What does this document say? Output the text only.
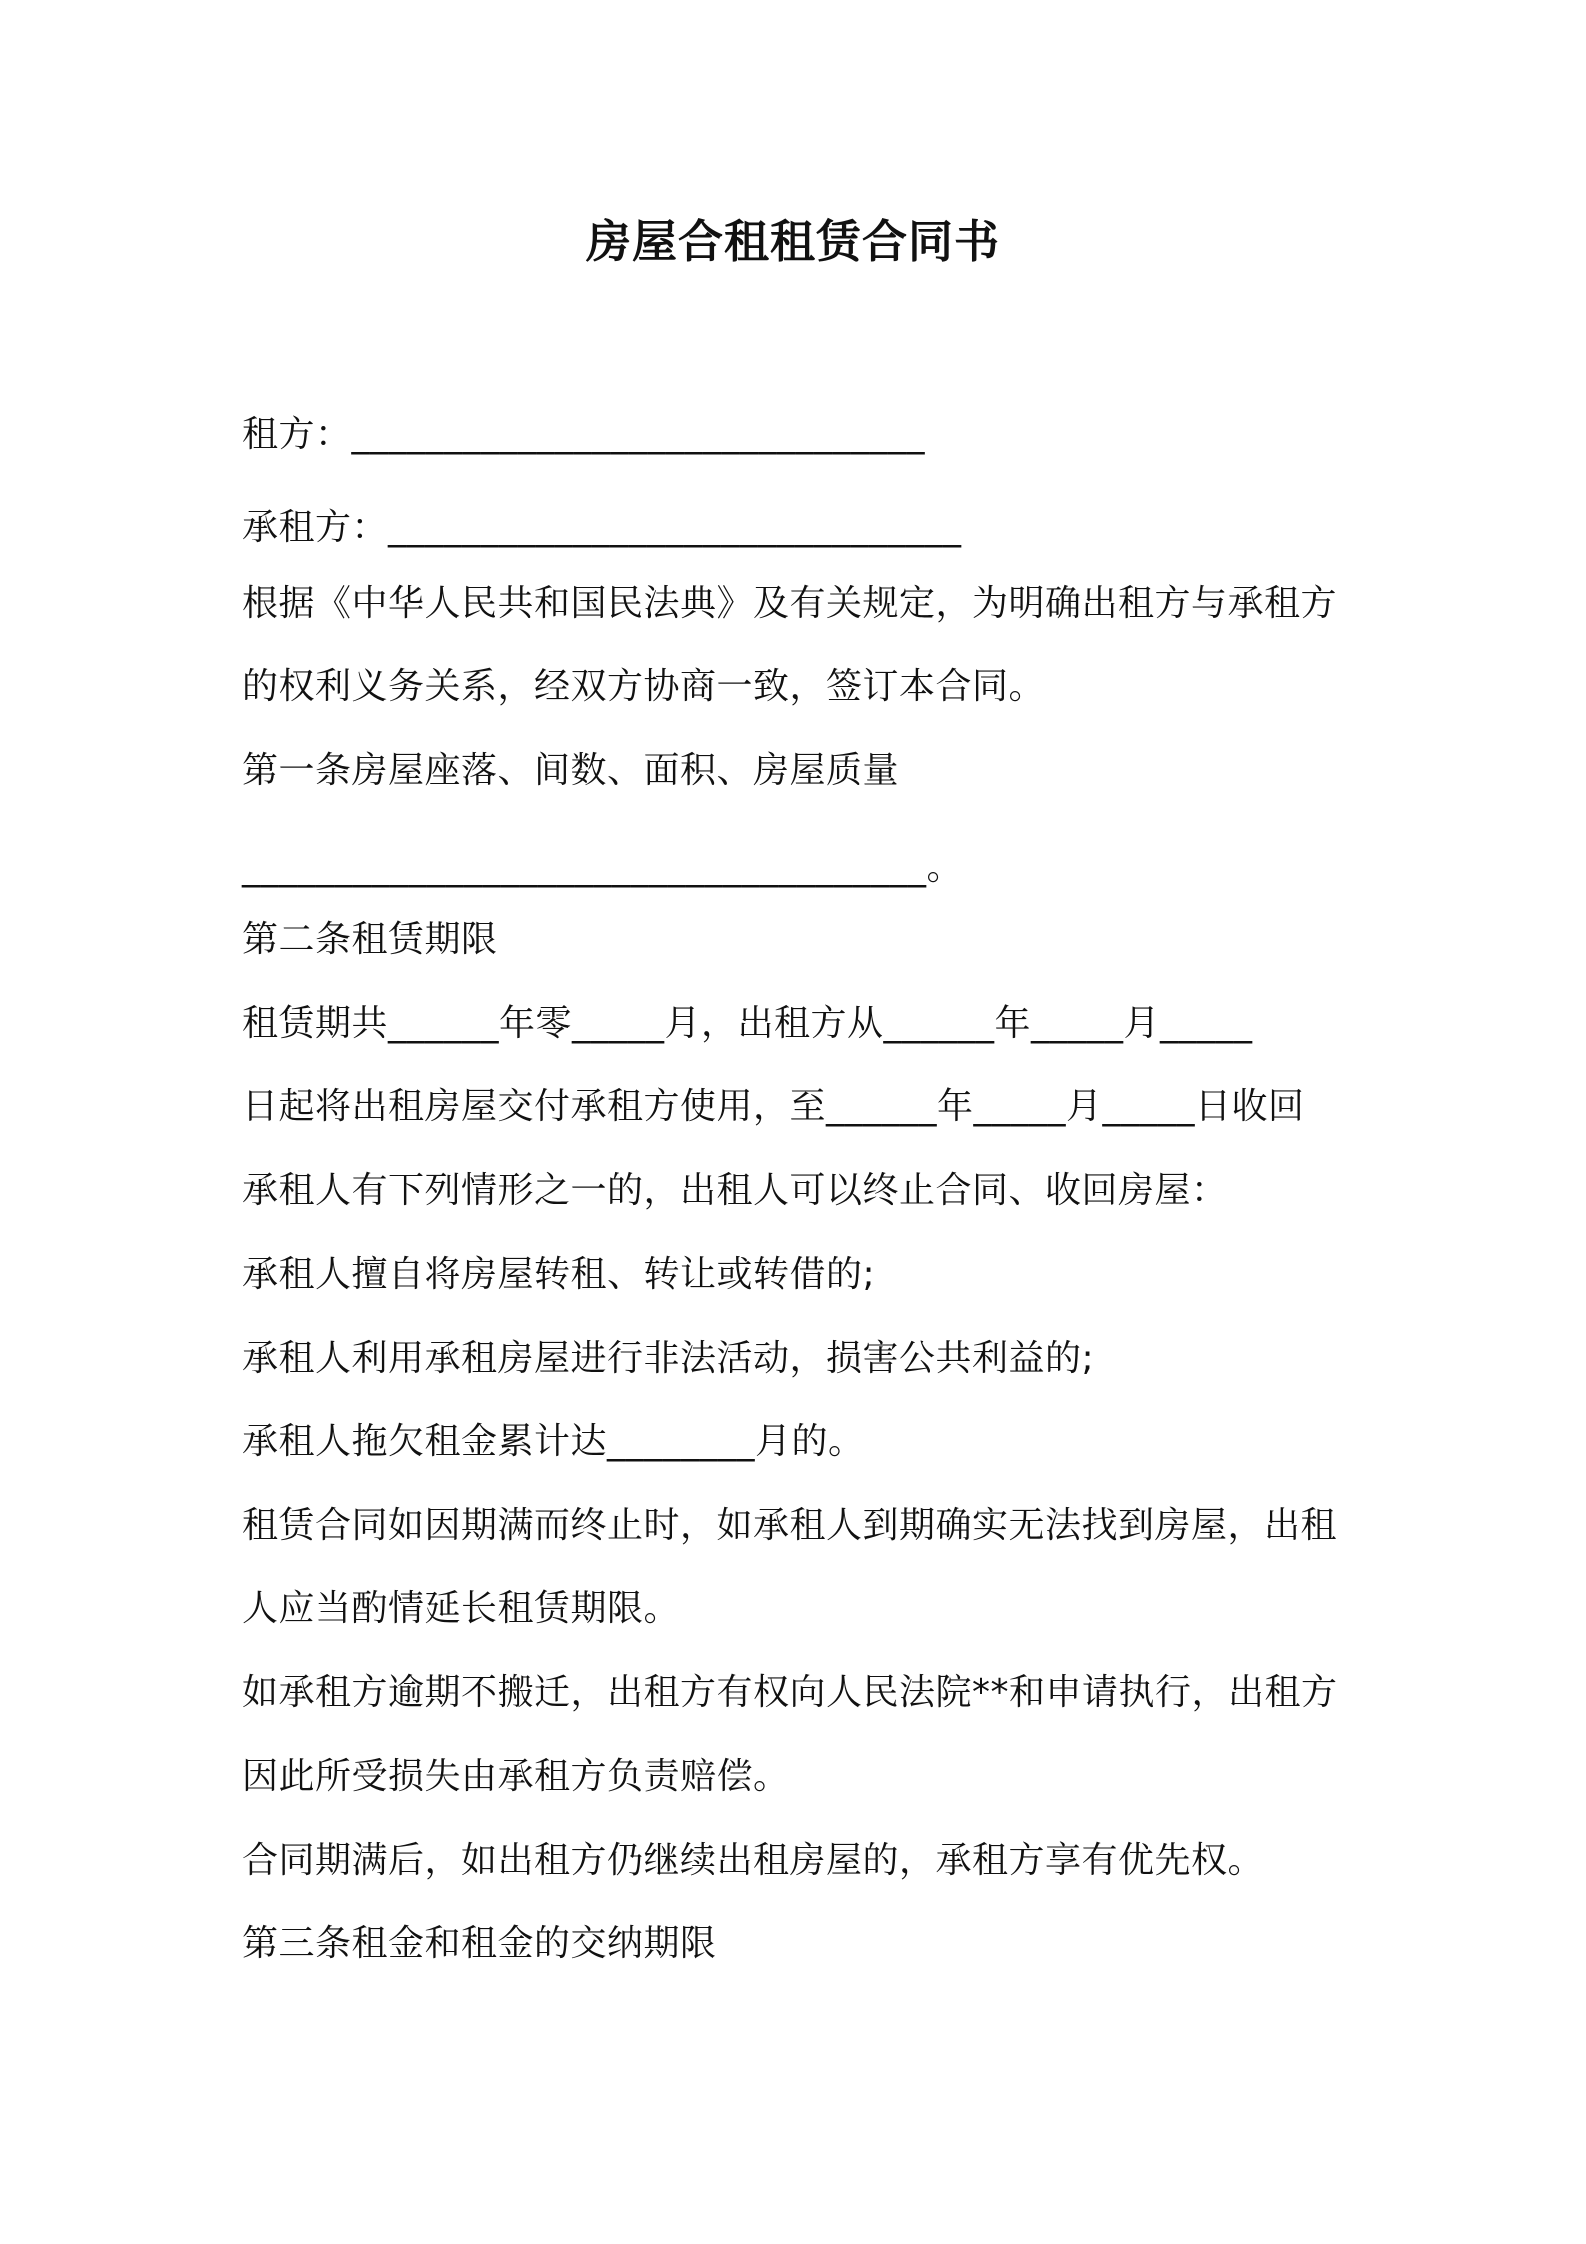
房屋合租租赁合同书
租方：_______________________________
承租方：_______________________________
根据《中华人民共和国民法典》及有关规定，为明确出租方与承租方
的权利义务关系，经双方协商一致，签订本合同。
第一条房屋座落、间数、面积、房屋质量
_____________________________________。
第二条租赁期限
租赁期共______年零_____月，出租方从______年_____月_____
日起将出租房屋交付承租方使用，至______年_____月_____日收回
承租人有下列情形之一的，出租人可以终止合同、收回房屋：
承租人擅自将房屋转租、转让或转借的;
承租人利用承租房屋进行非法活动，损害公共利益的;
承租人拖欠租金累计达________月的。
租赁合同如因期满而终止时，如承租人到期确实无法找到房屋，出租
人应当酌情延长租赁期限。
如承租方逾期不搬迁，出租方有权向人民法院**和申请执行，出租方
因此所受损失由承租方负责赔偿。
合同期满后，如出租方仍继续出租房屋的，承租方享有优先权。
第三条租金和租金的交纳期限
